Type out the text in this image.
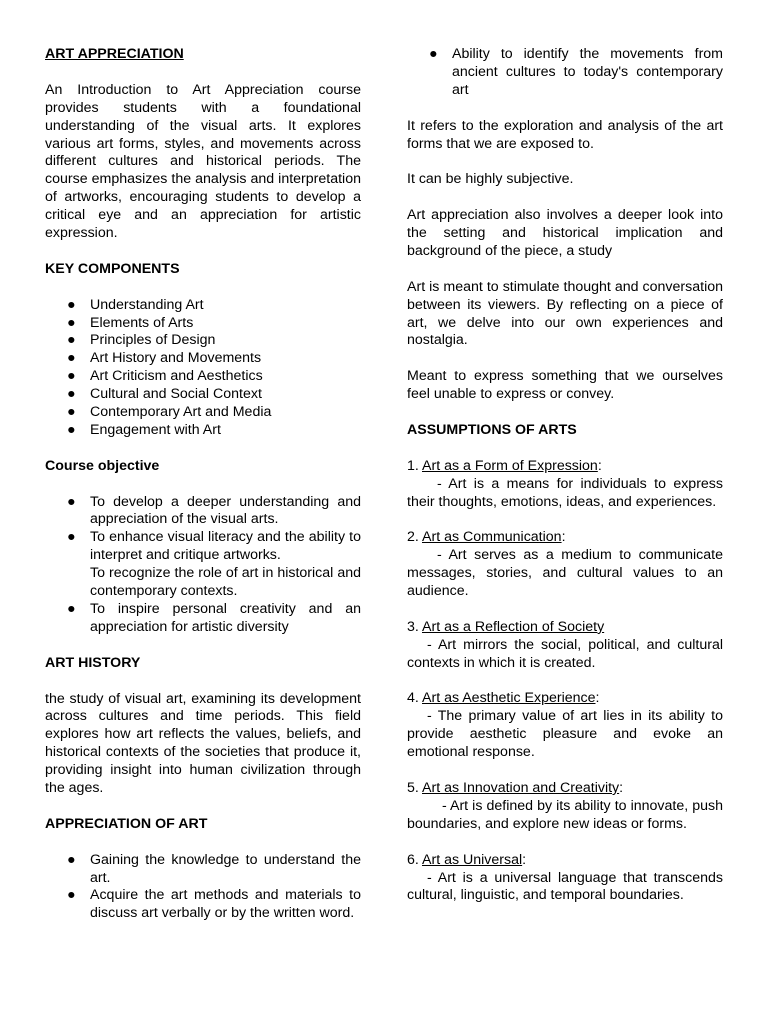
ART APPRECIATION

An Introduction to Art Appreciation course provides students with a foundational understanding of the visual arts. It explores various art forms, styles, and movements across different cultures and historical periods. The course emphasizes the analysis and interpretation of artworks, encouraging students to develop a critical eye and an appreciation for artistic expression.

KEY COMPONENTS

● Understanding Art
● Elements of Arts
● Principles of Design
● Art History and Movements
● Art Criticism and Aesthetics
● Cultural and Social Context
● Contemporary Art and Media
● Engagement with Art

Course objective

● To develop a deeper understanding and appreciation of the visual arts.
● To enhance visual literacy and the ability to interpret and critique artworks.
To recognize the role of art in historical and contemporary contexts.
● To inspire personal creativity and an appreciation for artistic diversity

ART HISTORY

the study of visual art, examining its development across cultures and time periods. This field explores how art reflects the values, beliefs, and historical contexts of the societies that produce it, providing insight into human civilization through the ages.

APPRECIATION OF ART

● Gaining the knowledge to understand the art.
● Acquire the art methods and materials to discuss art verbally or by the written word.
● Ability to identify the movements from ancient cultures to today's contemporary art

It refers to the exploration and analysis of the art forms that we are exposed to.

It can be highly subjective.

Art appreciation also involves a deeper look into the setting and historical implication and background of the piece, a study

Art is meant to stimulate thought and conversation between its viewers. By reflecting on a piece of art, we delve into our own experiences and nostalgia.

Meant to express something that we ourselves feel unable to express or convey.

ASSUMPTIONS OF ARTS

1. Art as a Form of Expression:

- Art is a means for individuals to express their thoughts, emotions, ideas, and experiences.

2. Art as Communication:

- Art serves as a medium to communicate messages, stories, and cultural values to an audience.

3. Art as a Reflection of Society

- Art mirrors the social, political, and cultural contexts in which it is created.

4. Art as Aesthetic Experience:

- The primary value of art lies in its ability to provide aesthetic pleasure and evoke an emotional response.

5. Art as Innovation and Creativity:

- Art is defined by its ability to innovate, push boundaries, and explore new ideas or forms.

6. Art as Universal:

- Art is a universal language that transcends cultural, linguistic, and temporal boundaries.
